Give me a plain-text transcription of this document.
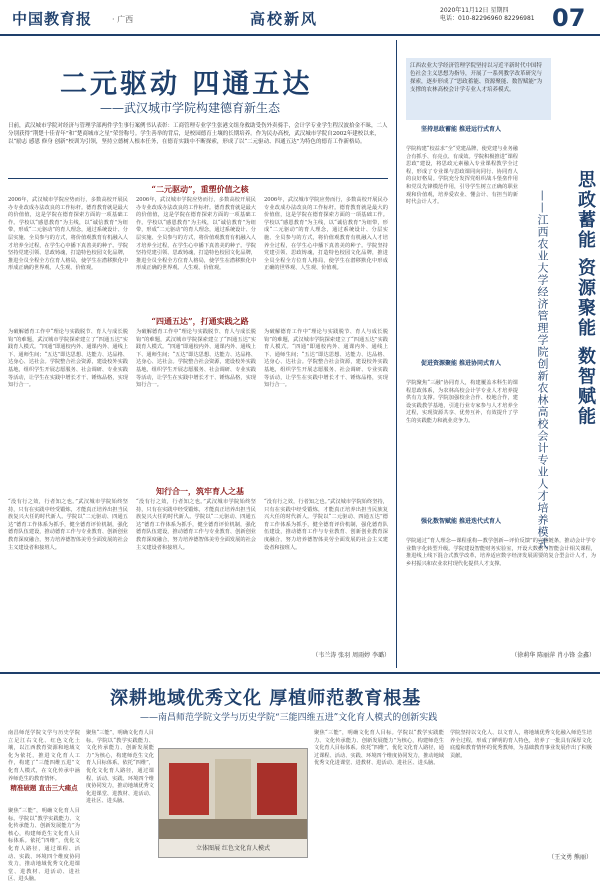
中国教育报 · 广西	高校新风	2020年11月12日 星期四
电话：010-82296960 82296981 07
二元驱动 四通五达
——武汉城市学院构建德育新生态
日前，武汉城市学院对经济与管理学部两件学生事行案例书认表彰：工商管理专业学生张港文组身救助受伤外卖骑手，会计学专业学生程汉波拾金不昧，二人分别获得“荆楚十佳青年”和“楚商城市之星”荣誉称号。学生善举的背后，是校园德育土壤的长期培养。作为民办高校，武汉城市学院自2002年建校以来，以“励志 感恩 修身 创新”校训为引领，坚持立德树人根本任务，在德育实践中不断探索，形成了以“二元驱动、四通五达”为特色的德育工作新格局。
“二元驱动”，重塑价值之核
2006年，武汉城市学院应势而行，多数高校开展民办专业改成办法改良的工作标杆。德育教育就是最大的价值值，这是学院在德育探索方面的一项基础工作。学校以“感恩教育”为主线，以“诚信教育”为纽带，形成“二元驱动”的育人理念，通过系统设计、分层实施、全员参与的方式，将价值观教育有机融入人才培养全过程，在学生心中播下真善美的种子。学院坚持党建引领、思政铸魂，打造特色校园文化品牌，推进全员全程全方位育人格局，使学生在潜移默化中形成正确的世界观、人生观、价值观。
2006年，武汉城市学院应势而行，多数高校开展民办专业改成办法改良的工作标杆。德育教育就是最大的价值值，这是学院在德育探索方面的一项基础工作。学校以“感恩教育”为主线，以“诚信教育”为纽带，形成“二元驱动”的育人理念，通过系统设计、分层实施、全员参与的方式，将价值观教育有机融入人才培养全过程，在学生心中播下真善美的种子。学院坚持党建引领、思政铸魂，打造特色校园文化品牌，推进全员全程全方位育人格局，使学生在潜移默化中形成正确的世界观、人生观、价值观。
2006年，武汉城市学院应势而行，多数高校开展民办专业改成办法改良的工作标杆。德育教育就是最大的价值值，这是学院在德育探索方面的一项基础工作。学校以“感恩教育”为主线，以“诚信教育”为纽带，形成“二元驱动”的育人理念，通过系统设计、分层实施、全员参与的方式，将价值观教育有机融入人才培养全过程，在学生心中播下真善美的种子。学院坚持党建引领、思政铸魂，打造特色校园文化品牌，推进全员全程全方位育人格局，使学生在潜移默化中形成正确的世界观、人生观、价值观。
“四通五达”，打通实践之路
为破解德育工作中“理论与实践脱节、育人与成长脱钩”的难题，武汉城市学院探索建立了“四通五达”实践育人模式。“四通”即通校内外、通课内外、通线上下、通师生间；“五达”即达思想、达能力、达品格、达身心、达社会。学院整合社会资源，建设校外实践基地，组织学生开展志愿服务、社会调研、专业实践等活动，让学生在实践中增长才干、锤炼品格，实现知行合一。
为破解德育工作中“理论与实践脱节、育人与成长脱钩”的难题，武汉城市学院探索建立了“四通五达”实践育人模式。“四通”即通校内外、通课内外、通线上下、通师生间；“五达”即达思想、达能力、达品格、达身心、达社会。学院整合社会资源，建设校外实践基地，组织学生开展志愿服务、社会调研、专业实践等活动，让学生在实践中增长才干、锤炼品格，实现知行合一。
为破解德育工作中“理论与实践脱节、育人与成长脱钩”的难题，武汉城市学院探索建立了“四通五达”实践育人模式。“四通”即通校内外、通课内外、通线上下、通师生间；“五达”即达思想、达能力、达品格、达身心、达社会。学院整合社会资源，建设校外实践基地，组织学生开展志愿服务、社会调研、专业实践等活动，让学生在实践中增长才干、锤炼品格，实现知行合一。
知行合一，筑牢育人之基
“没有行之效，行者知之也。”武汉城市学院始终坚持，只有在实践中经受锻炼，才能真正培养出担当民族复兴大任的时代新人。学院以“二元驱动、四通五达”德育工作体系为抓手，健全德育评价机制，强化德育队伍建设，推动德育工作与专业教育、创新创业教育深度融合，努力培养德智体美劳全面发展的社会主义建设者和接班人。
“没有行之效，行者知之也。”武汉城市学院始终坚持，只有在实践中经受锻炼，才能真正培养出担当民族复兴大任的时代新人。学院以“二元驱动、四通五达”德育工作体系为抓手，健全德育评价机制，强化德育队伍建设，推动德育工作与专业教育、创新创业教育深度融合，努力培养德智体美劳全面发展的社会主义建设者和接班人。
“没有行之效，行者知之也。”武汉城市学院始终坚持，只有在实践中经受锻炼，才能真正培养出担当民族复兴大任的时代新人。学院以“二元驱动、四通五达”德育工作体系为抓手，健全德育评价机制，强化德育队伍建设，推动德育工作与专业教育、创新创业教育深度融合，努力培养德智体美劳全面发展的社会主义建设者和接班人。
（韦兰涛 张羽 周雨婷 李璐）
江西农业大学经济管理学院坚持以习近平新时代中国特色社会主义思想为指导，开展了一系列教学改革研究与探索，逐步形成了“思政蓄能、资源聚能、数智赋能”为支撑的农林高校会计学专业人才培养模式。
坚持思政蓄能 推进远行式育人
学院构建“校益求”全“党建品牌，使党建与业务融合有抓手、有亮点、有成效。学院积极推进“课程思政”建设，将思政元素融入专业课程教学全过程，形成了专业课与思政课同向同行、协同育人的良好格局。学院充分发挥党组织战斗堡垒作用和党员先锋模范作用，引导学生树立正确的职业观和价值观，培养爱农业、懂会计、有担当的新时代会计人才。
促进资源聚能 推进协同式育人
学院聚焦“三融”协同育人，构建覆盖本科生的课程思政体系，为农林高校会计学专业人才培养提供有力支撑。学院加强校企合作、校地合作，建设实践教学基地，引进行业专家参与人才培养全过程，实现资源共享、优势互补，有效提升了学生的实践能力和就业竞争力。
强化数智赋能 推进迭代式育人
学院通过“育人理念—课程重构—教学创新—评价反馈”的完整链条，推动会计学专业数字化转型升级。学院建设智能财务实验室，开设大数据与智能会计相关课程，推进线上线下混合式教学改革，培养适应数字经济发展需要的复合型会计人才，为乡村振兴和农业农村现代化提供人才支撑。
（徐莉华 陈丽萍 肖小锋 金鑫）
思政蓄能 资源聚能 数智赋能
——江西农业大学经济管理学院创新农林高校会计专业人才培养模式
深耕地域优秀文化 厚植师范教育根基
——南昌师范学院文学与历史学院“三能四维五进”文化育人模式的创新实践
南昌师范学院文学与历史学院立足江右文化、红色文化土壤，以江西教育资源和地域文化为依托，推进文化育人工作，构建了“三能四维五进”文化育人模式，在文化传承中涵养师范生的教育情怀。
精准破题 直击三大痛点
聚焦“三能”，明确文化育人目标。学院以“教学实践能力、文化传承能力、创新发展能力”为核心，构建师范生文化育人目标体系。依托“四维”，优化文化育人路径，通过课程、活动、实践、环境四个维度协同发力，推动地域优秀文化进课堂、进教材、进活动、进社区、进头脑。
聚焦“三能”，明确文化育人目标。学院以“教学实践能力、文化传承能力、创新发展能力”为核心，构建师范生文化育人目标体系。依托“四维”，优化文化育人路径，通过课程、活动、实践、环境四个维度协同发力，推动地域优秀文化进课堂、进教材、进活动、进社区、进头脑。
立体图展 红色文化育人模式
聚焦“三能”，明确文化育人目标。学院以“教学实践能力、文化传承能力、创新发展能力”为核心，构建师范生文化育人目标体系。依托“四维”，优化文化育人路径，通过课程、活动、实践、环境四个维度协同发力，推动地域优秀文化进课堂、进教材、进活动、进社区、进头脑。
学院坚持以文化人、以文育人，将地域优秀文化融入师范生培养全过程，形成了鲜明的育人特色，培养了一批具有深厚文化底蕴和教育情怀的优秀教师，为基础教育事业发展作出了积极贡献。
（王文勇 熊丽）
